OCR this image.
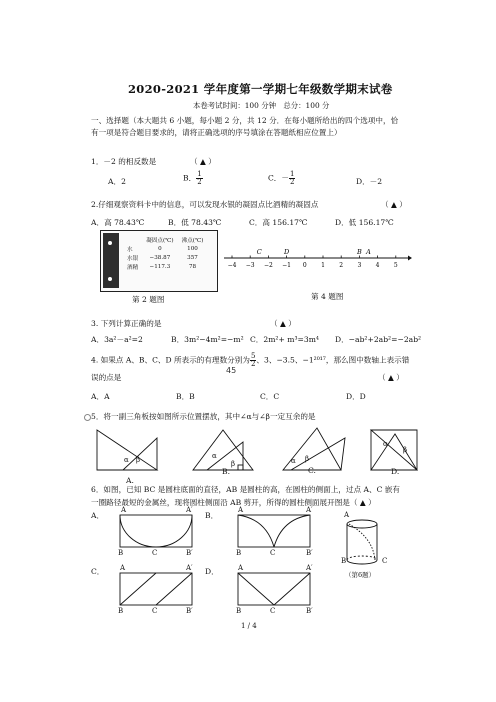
2020-2021 学年度第一学期七年级数学期末试卷
本卷考试时间：100 分钟　总分：100 分
一、选择题（本大题共 6 小题，每小题 2 分，共 12 分．在每小题所给出的四个选项中，恰
有一项是符合题目要求的，请将正确选项的序号填涂在答题纸相应位置上）
1．－2 的相反数是	（ ▲ ）
A．2	B． $\frac{1}{2}$	C．－ $\frac{1}{2}$	D．－2
2.仔细观察资料卡中的信息，可以发现水银的凝固点比酒精的凝固点	（ ▲ ）
A．高 78.43℃	B．低 78.43℃	C．高 156.17℃	D．低 156.17℃
	凝固点(℃)	沸点(℃)
水	0	100
水银	−38.87	357
酒精	−117.3	78
第 2 题图
−4 −3 −2 −1 0 1 2 3 4 5
C	D	B A
第 4 题图
3. 下列计算正确的是	（ ▲ ）
A．3a²－a²=2	B．3m²−4m²=−m² C．2m²+ m³=3m⁴ D．−ab²+2ab²=−2ab²
4. 如果点 A、B、C、D 所表示的有理数分别为 $\frac{5}{2}$ 、3、−3.5、−1²⁰¹⁷，那么图中数轴上表示错
45
误的点是	（ ▲ ）
A．A	B．B	C．C	D．D
5．将一副三角板按如图所示位置摆放，其中∠α与∠β一定互余的是
α β	α
β	α β
α
β
A.
B.	C.	D.
6．如图，已知 BC 是圆柱底面的直径，AB 是圆柱的高，在圆柱的侧面上，过点 A、C 嵌有
一圈路径最短的金属丝，现将圆柱侧面沿 AB 剪开，所得的圆柱侧面展开图是（ ▲ ）
A．
A	A′
B	C	B′
B．
A	A′
B	C	B′
A
B	C
（第6题）
C． A	A′
B	C	B′
D．	A	A′
B	C	B′
1 / 4
